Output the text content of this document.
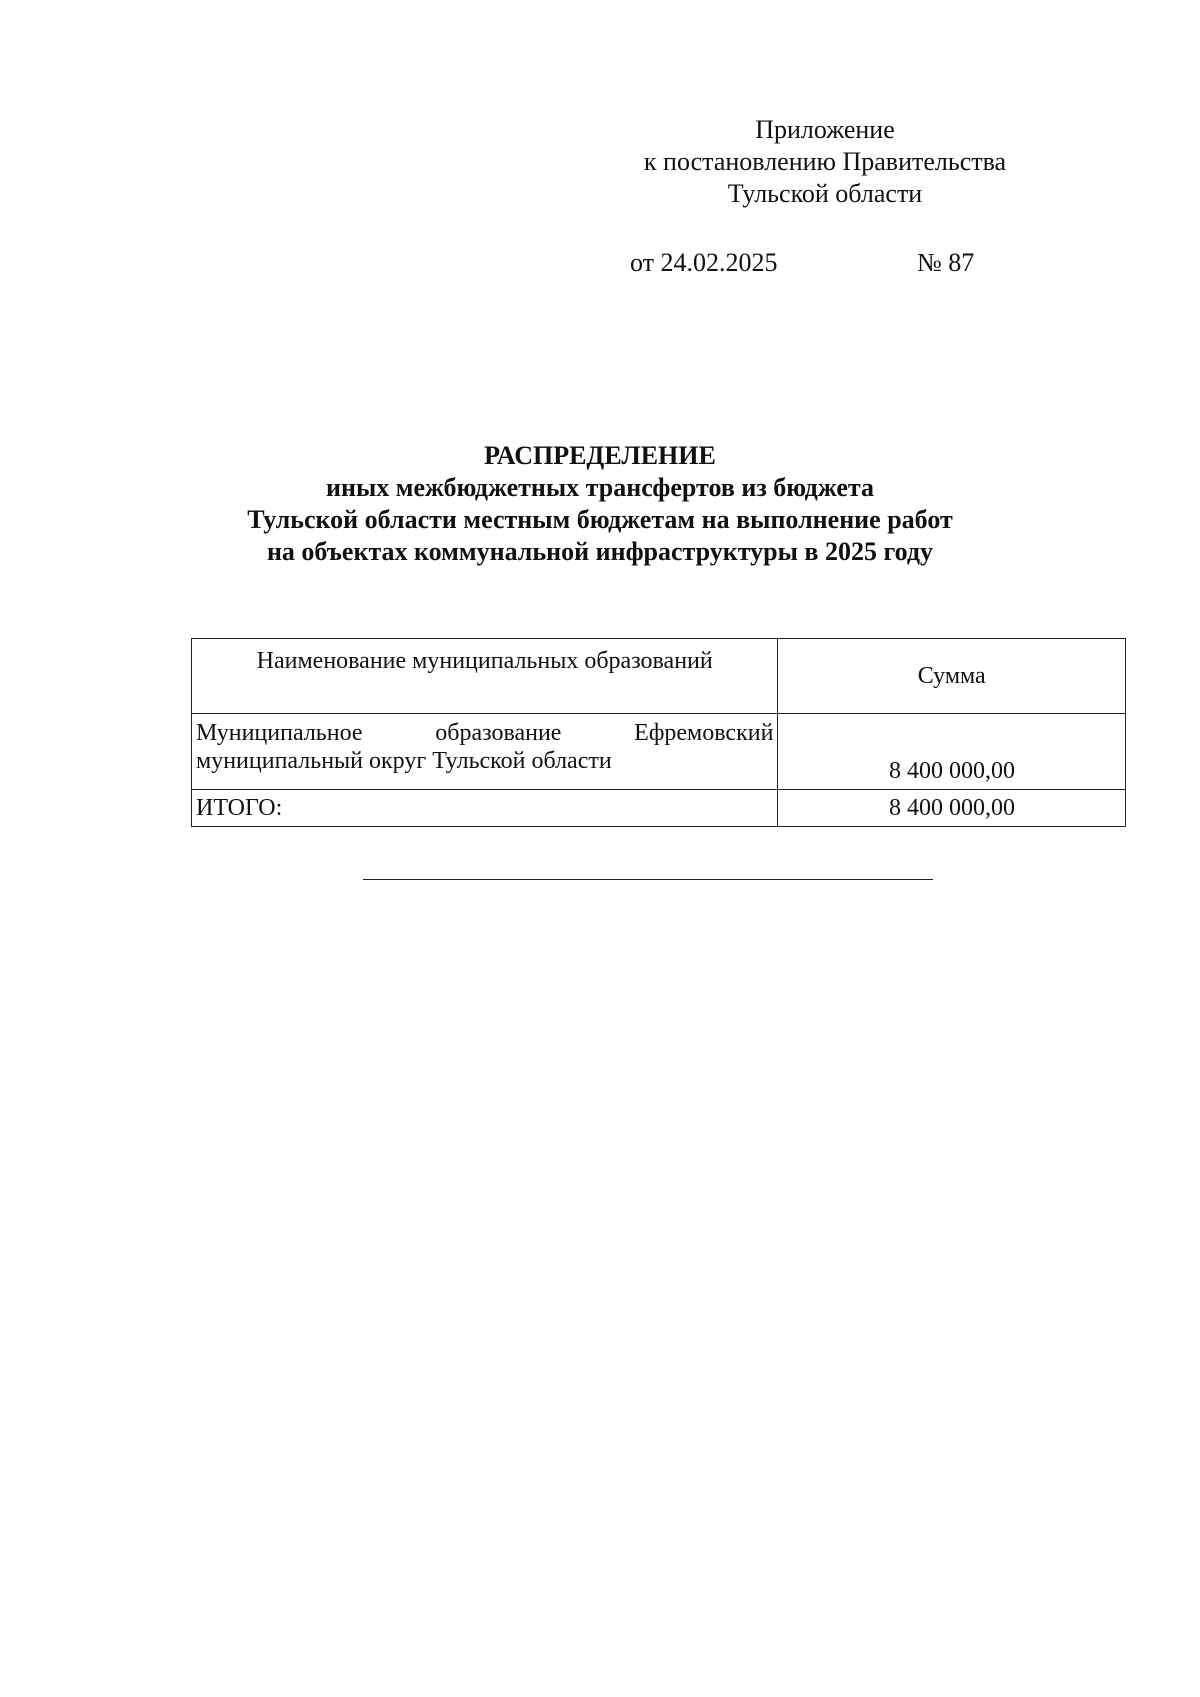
Приложение
к постановлению Правительства
Тульской области
от 24.02.2025	№ 87
РАСПРЕДЕЛЕНИЕ
иных межбюджетных трансфертов из бюджета
Тульской области местным бюджетам на выполнение работ
на объектах коммунальной инфраструктуры в 2025 году
Наименование муниципальных образований	Сумма

Муниципальное образование Ефремовский
муниципальный округ Тульской области	8 400 000,00
ИТОГО:	8 400 000,00
